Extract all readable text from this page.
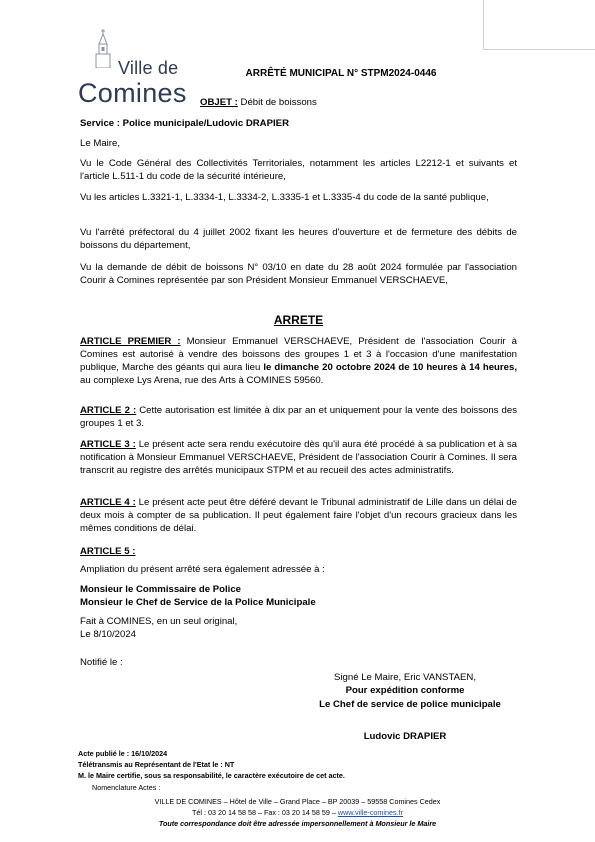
Ville de
Comines
ARRÊTÉ MUNICIPAL N° STPM2024-0446
OBJET : Débit de boissons

Service : Police municipale/Ludovic DRAPIER

Le Maire,

Vu le Code Général des Collectivités Territoriales, notamment les articles L2212-1 et suivants et l'article L.511-1 du code de la sécurité intérieure,

Vu les articles L.3321-1, L.3334-1, L.3334-2, L.3335-1 et L.3335-4 du code de la santé publique,

Vu l'arrêté préfectoral du 4 juillet 2002 fixant les heures d'ouverture et de fermeture des débits de boissons du département,

Vu la demande de débit de boissons N° 03/10 en date du 28 août 2024 formulée par l'association Courir à Comines représentée par son Président Monsieur Emmanuel VERSCHAEVE,

ARRETE

ARTICLE PREMIER : Monsieur Emmanuel VERSCHAEVE, Président de l'association Courir à Comines est autorisé à vendre des boissons des groupes 1 et 3 à l'occasion d'une manifestation publique, Marche des géants qui aura lieu le dimanche 20 octobre 2024 de 10 heures à 14 heures, au complexe Lys Arena, rue des Arts à COMINES 59560.

ARTICLE 2 : Cette autorisation est limitée à dix par an et uniquement pour la vente des boissons des groupes 1 et 3.

ARTICLE 3 : Le présent acte sera rendu exécutoire dès qu'il aura été procédé à sa publication et à sa notification à Monsieur Emmanuel VERSCHAEVE, Président de l'association Courir à Comines. Il sera transcrit au registre des arrêtés municipaux STPM et au recueil des actes administratifs.

ARTICLE 4 : Le présent acte peut être déféré devant le Tribunal administratif de Lille dans un délai de deux mois à compter de sa publication. Il peut également faire l'objet d'un recours gracieux dans les mêmes conditions de délai.

ARTICLE 5 :

Ampliation du présent arrêté sera également adressée à :

Monsieur le Commissaire de Police

Monsieur le Chef de Service de la Police Municipale

Fait à COMINES, en un seul original,

Le 8/10/2024

Notifié le :

Signé Le Maire, Eric VANSTAEN,
Pour expédition conforme
Le Chef de service de police municipale
Ludovic DRAPIER
Acte publié le : 16/10/2024
Télétransmis au Représentant de l'Etat le : NT
M. le Maire certifie, sous sa responsabilité, le caractère exécutoire de cet acte.
Nomenclature Actes :
VILLE DE COMINES – Hôtel de Ville – Grand Place – BP 20039 – 59558 Comines Cedex
Tél : 03 20 14 58 58 – Fax : 03 20 14 58 59 – www.ville-comines.fr
Toute correspondance doit être adressée impersonnellement à Monsieur le Maire
